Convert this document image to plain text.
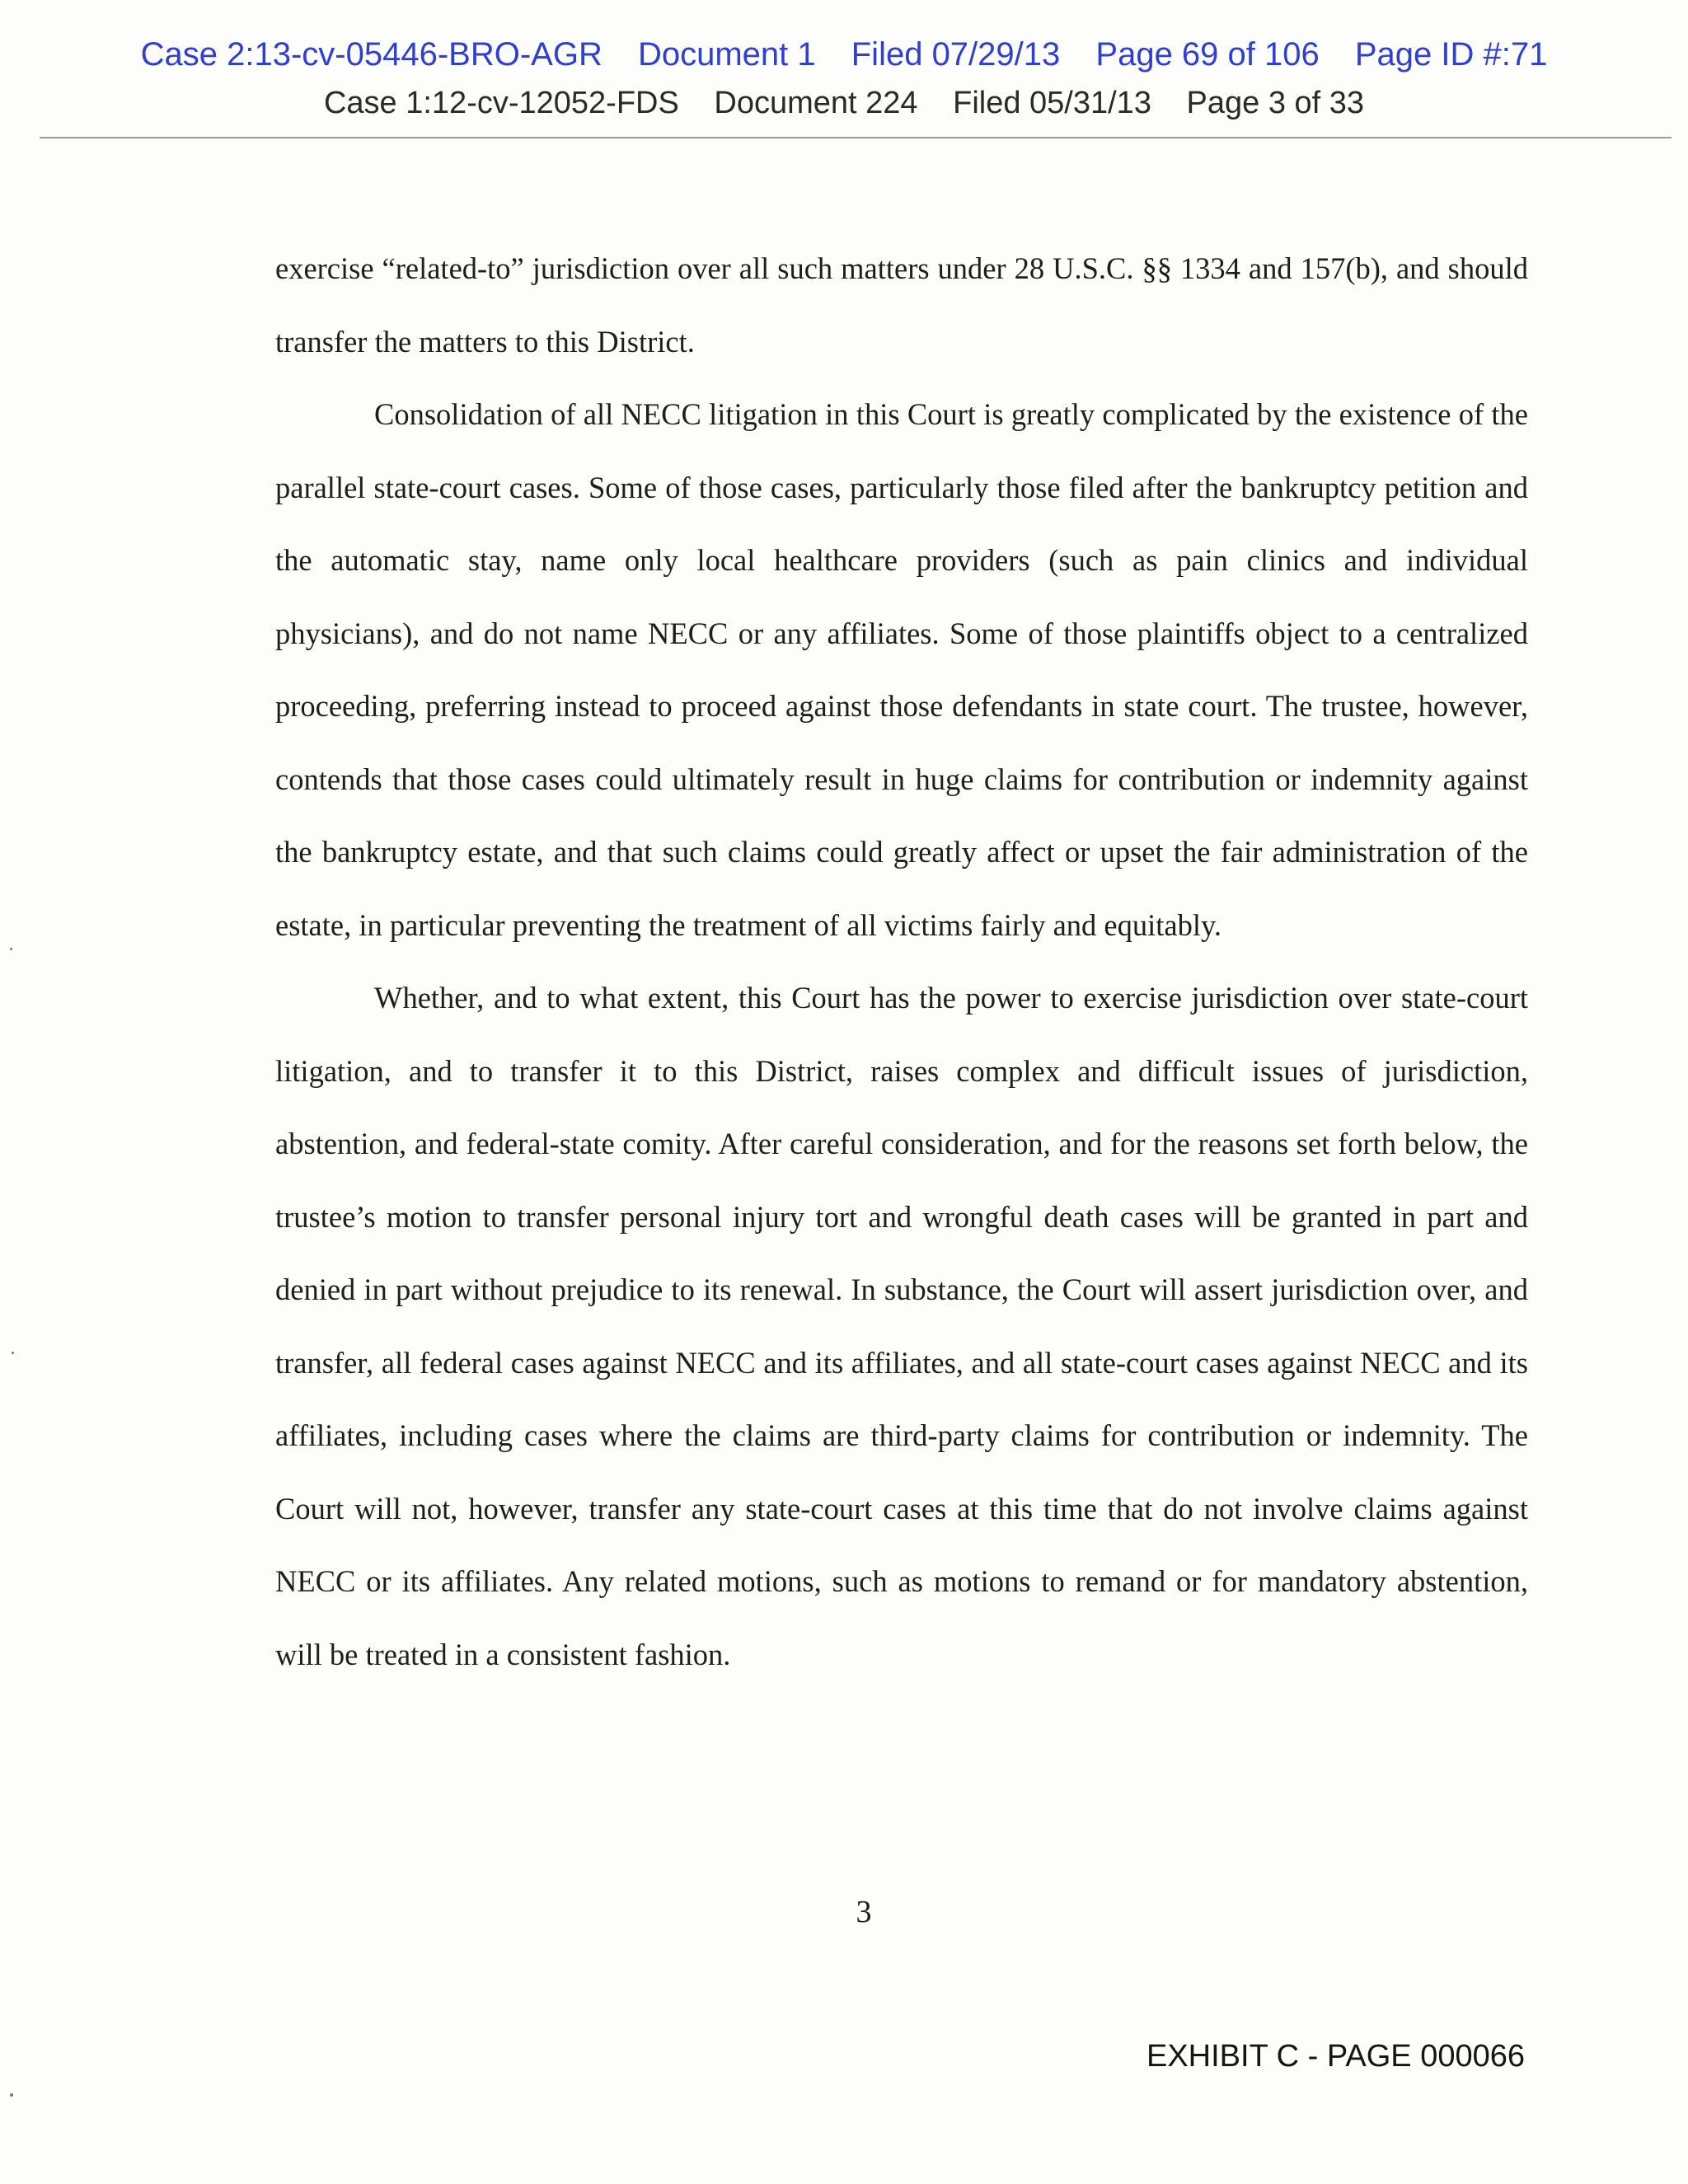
Case 2:13-cv-05446-BRO-AGR Document 1 Filed 07/29/13 Page 69 of 106 Page ID #:71
Case 1:12-cv-12052-FDS Document 224 Filed 05/31/13 Page 3 of 33

exercise “related-to” jurisdiction over all such matters under 28 U.S.C. §§ 1334 and 157(b), and should transfer the matters to this District.

Consolidation of all NECC litigation in this Court is greatly complicated by the existence of the parallel state-court cases. Some of those cases, particularly those filed after the bankruptcy petition and the automatic stay, name only local healthcare providers (such as pain clinics and individual physicians), and do not name NECC or any affiliates. Some of those plaintiffs object to a centralized proceeding, preferring instead to proceed against those defendants in state court. The trustee, however, contends that those cases could ultimately result in huge claims for contribution or indemnity against the bankruptcy estate, and that such claims could greatly affect or upset the fair administration of the estate, in particular preventing the treatment of all victims fairly and equitably.

Whether, and to what extent, this Court has the power to exercise jurisdiction over state-court litigation, and to transfer it to this District, raises complex and difficult issues of jurisdiction, abstention, and federal-state comity. After careful consideration, and for the reasons set forth below, the trustee’s motion to transfer personal injury tort and wrongful death cases will be granted in part and denied in part without prejudice to its renewal. In substance, the Court will assert jurisdiction over, and transfer, all federal cases against NECC and its affiliates, and all state-court cases against NECC and its affiliates, including cases where the claims are third-party claims for contribution or indemnity. The Court will not, however, transfer any state-court cases at this time that do not involve claims against NECC or its affiliates. Any related motions, such as motions to remand or for mandatory abstention, will be treated in a consistent fashion.

3
EXHIBIT C - PAGE 000066
